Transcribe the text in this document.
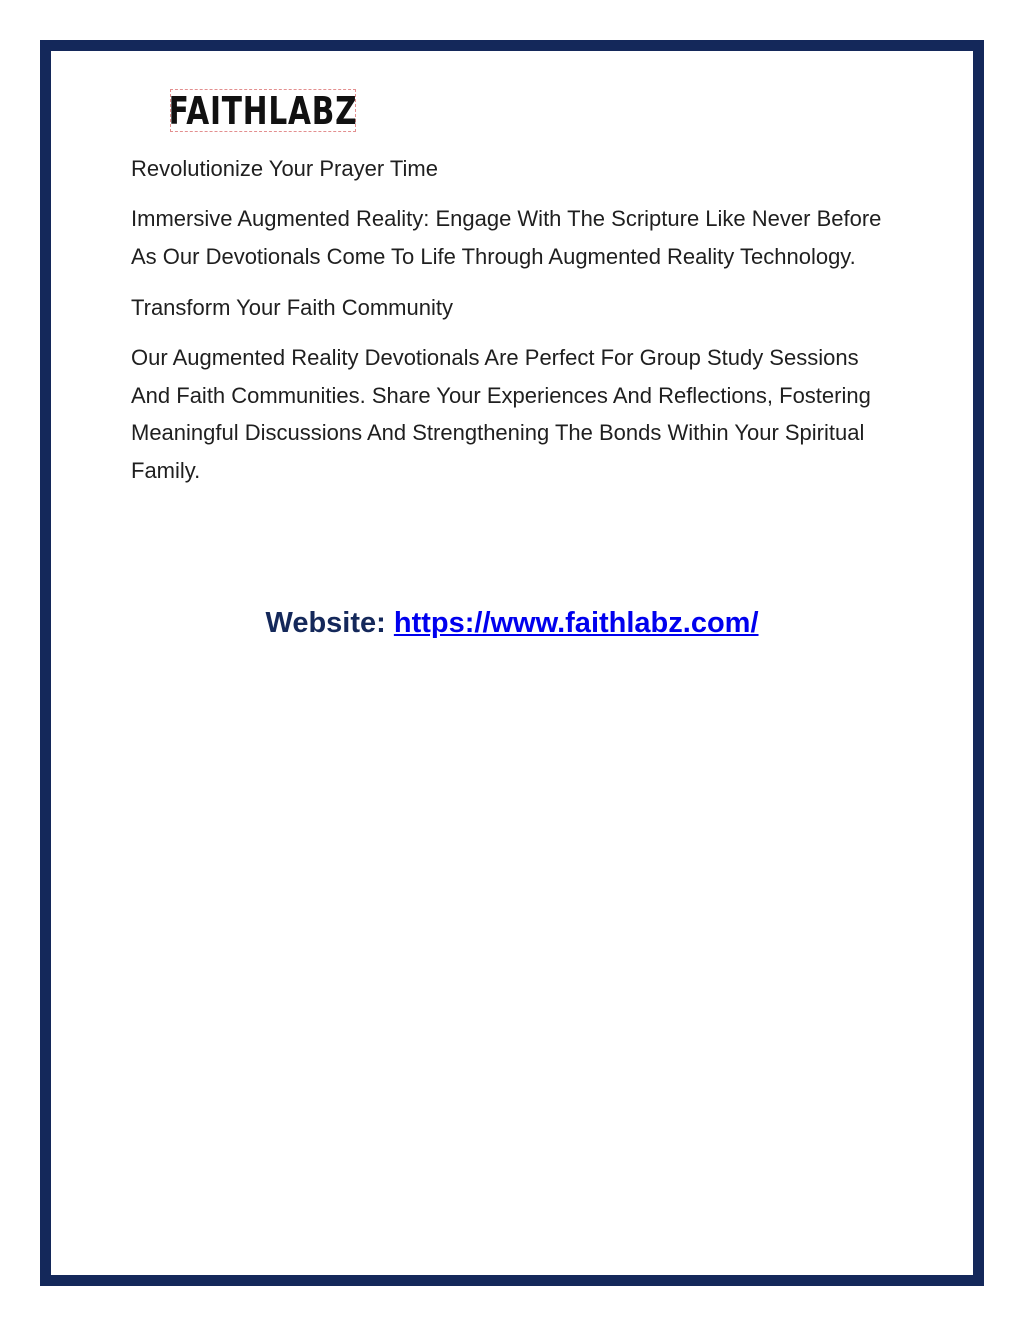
FAITHLABZ

Revolutionize Your Prayer Time

Immersive Augmented Reality: Engage With The Scripture Like Never Before As Our Devotionals Come To Life Through Augmented Reality Technology.

Transform Your Faith Community

Our Augmented Reality Devotionals Are Perfect For Group Study Sessions And Faith Communities. Share Your Experiences And Reflections, Fostering Meaningful Discussions And Strengthening The Bonds Within Your Spiritual Family.

Website: https://www.faithlabz.com/
